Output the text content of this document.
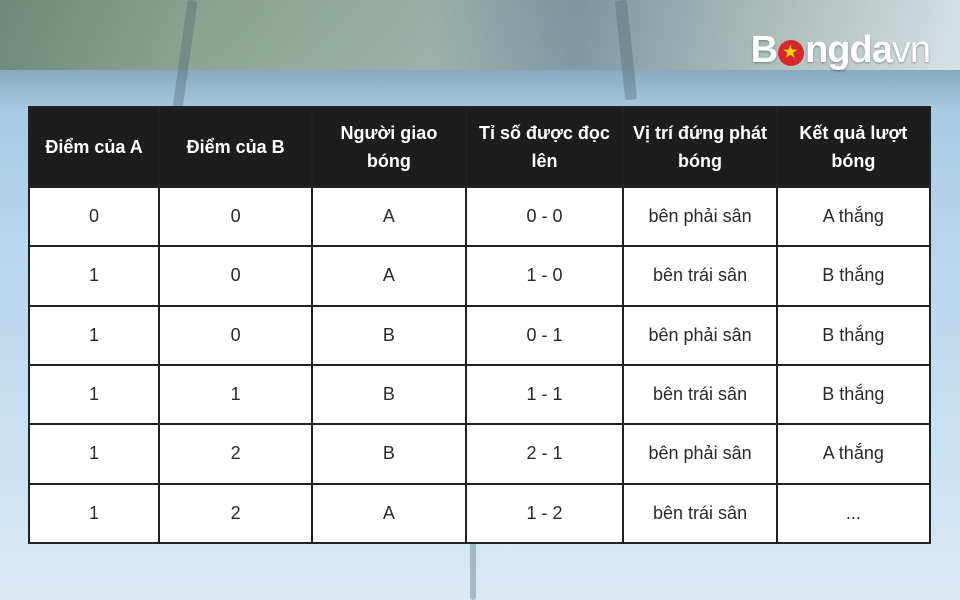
B ★ ngda vn
Điểm của A	Điểm của B	Người giao bóng	Tỉ số được đọc lên	Vị trí đứng phát bóng	Kết quả lượt bóng
0	0	A	0 - 0	bên phải sân	A thắng
1	0	A	1 - 0	bên trái sân	B thắng
1	0	B	0 - 1	bên phải sân	B thắng
1	1	B	1 - 1	bên trái sân	B thắng
1	2	B	2 - 1	bên phải sân	A thắng
1	2	A	1 - 2	bên trái sân	...
